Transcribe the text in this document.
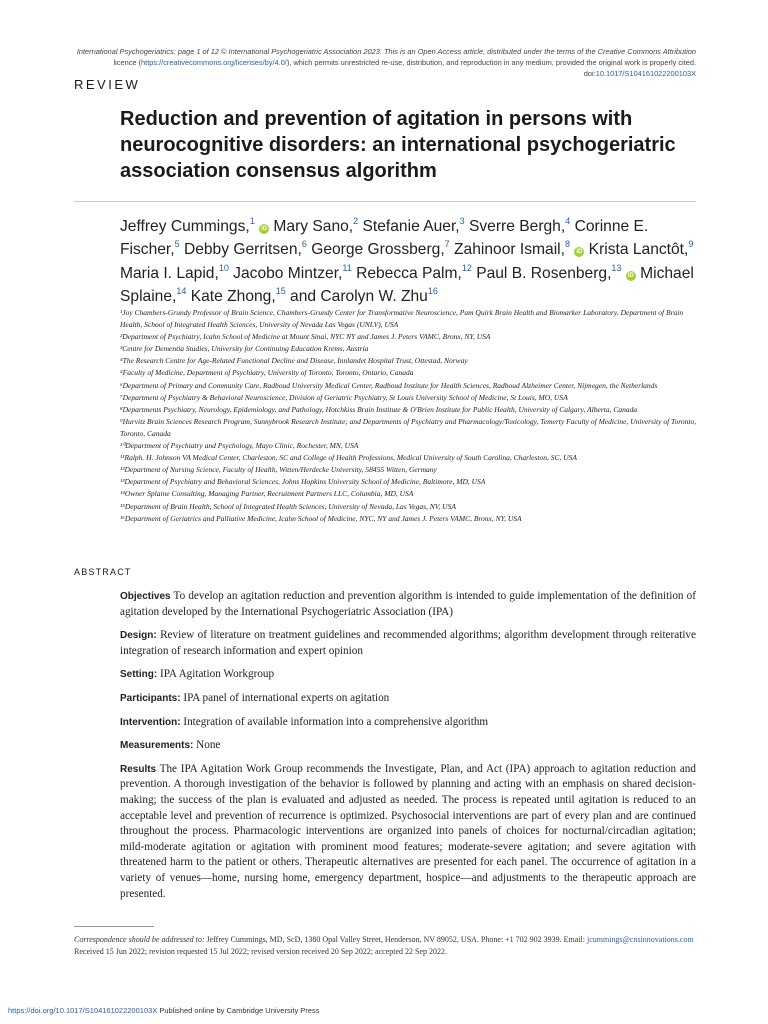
International Psychogeriatrics: page 1 of 12 © International Psychogeriatric Association 2023. This is an Open Access article, distributed under the terms of the Creative Commons Attribution
licence (https://creativecommons.org/licenses/by/4.0/), which permits unrestricted re-use, distribution, and reproduction in any medium, provided the original work is properly cited.
doi:10.1017/S104161022200103X
REVIEW
Reduction and prevention of agitation in persons with neurocognitive disorders: an international psychogeriatric association consensus algorithm
Jeffrey Cummings,$^1$ iD Mary Sano,$^2$ Stefanie Auer,$^3$ Sverre Bergh,$^4$ Corinne E. Fischer,$^5$ Debby Gerritsen,$^6$ George Grossberg,$^7$ Zahinoor Ismail,$^8$ iD Krista Lanctôt,$^9$ Maria I. Lapid,$^{10}$ Jacobo Mintzer,$^{11}$ Rebecca Palm,$^{12}$ Paul B. Rosenberg,$^{13}$ iD Michael Splaine,$^{14}$ Kate Zhong,$^{15}$ and Carolyn W. Zhu$^{16}$
¹Joy Chambers-Grundy Professor of Brain Science, Chambers-Grundy Center for Transformative Neuroscience, Pam Quirk Brain Health and Biomarker Laboratory, Department of Brain Health, School of Integrated Health Sciences, University of Nevada Las Vegas (UNLV), USA
²Department of Psychiatry, Icahn School of Medicine at Mount Sinai, NYC NY and James J. Peters VAMC, Bronx, NY, USA
³Centre for Dementia Studies, University for Continuing Education Krems, Austria
⁴The Research Centre for Age-Related Functional Decline and Disease, Innlandet Hospital Trust, Ottestad, Norway
⁵Faculty of Medicine, Department of Psychiatry, University of Toronto, Toronto, Ontario, Canada
⁶Department of Primary and Community Care, Radboud University Medical Center, Radboud Institute for Health Sciences, Radboud Alzheimer Center, Nijmegen, the Netherlands
⁷Department of Psychiatry & Behavioral Neuroscience, Division of Geriatric Psychiatry, St Louis University School of Medicine, St Louis, MO, USA
⁸Departments Psychiatry, Neurology, Epidemiology, and Pathology, Hotchkiss Brain Institute & O'Brien Institute for Public Health, University of Calgary, Alberta, Canada
⁹Hurvitz Brain Sciences Research Program, Sunnybrook Research Institute; and Departments of Psychiatry and Pharmacology/Toxicology, Temerty Faculty of Medicine, University of Toronto, Toronto, Canada
¹⁰Department of Psychiatry and Psychology, Mayo Clinic, Rochester, MN, USA
¹¹Ralph. H. Johnson VA Medical Center, Charleston, SC and College of Health Professions, Medical University of South Carolina, Charleston, SC, USA
¹²Department of Nursing Science, Faculty of Health, Witten/Herdecke University, 58455 Witten, Germany
¹³Department of Psychiatry and Behavioral Sciences, Johns Hopkins University School of Medicine, Baltimore, MD, USA
¹⁴Owner Splaine Consulting, Managing Partner, Recruitment Partners LLC, Columbia, MD, USA
¹⁵Department of Brain Health, School of Integrated Health Sciences, University of Nevada, Las Vegas, NV, USA
¹⁶Department of Geriatrics and Palliative Medicine, Icahn School of Medicine, NYC, NY and James J. Peters VAMC, Bronx, NY, USA
ABSTRACT

Objectives To develop an agitation reduction and prevention algorithm is intended to guide implementation of the definition of agitation developed by the International Psychogeriatric Association (IPA)

Design: Review of literature on treatment guidelines and recommended algorithms; algorithm development through reiterative integration of research information and expert opinion

Setting: IPA Agitation Workgroup

Participants: IPA panel of international experts on agitation

Intervention: Integration of available information into a comprehensive algorithm

Measurements: None

Results The IPA Agitation Work Group recommends the Investigate, Plan, and Act (IPA) approach to agitation reduction and prevention. A thorough investigation of the behavior is followed by planning and acting with an emphasis on shared decision-making; the success of the plan is evaluated and adjusted as needed. The process is repeated until agitation is reduced to an acceptable level and prevention of recurrence is optimized. Psychosocial interventions are part of every plan and are continued throughout the process. Pharmacologic interventions are organized into panels of choices for nocturnal/circadian agitation; mild-moderate agitation or agitation with prominent mood features; moderate-severe agitation; and severe agitation with threatened harm to the patient or others. Therapeutic alternatives are presented for each panel. The occurrence of agitation in a variety of venues—home, nursing home, emergency department, hospice—and adjustments to the therapeutic approach are presented.

Correspondence should be addressed to: Jeffrey Cummings, MD, ScD, 1380 Opal Valley Street, Henderson, NV 89052, USA. Phone: +1 702 902 3939. Email: jcummings@cnsinnovations.com Received 15 Jun 2022; revision requested 15 Jul 2022; revised version received 20 Sep 2022; accepted 22 Sep 2022.
https://doi.org/10.1017/S104161022200103X Published online by Cambridge University Press
